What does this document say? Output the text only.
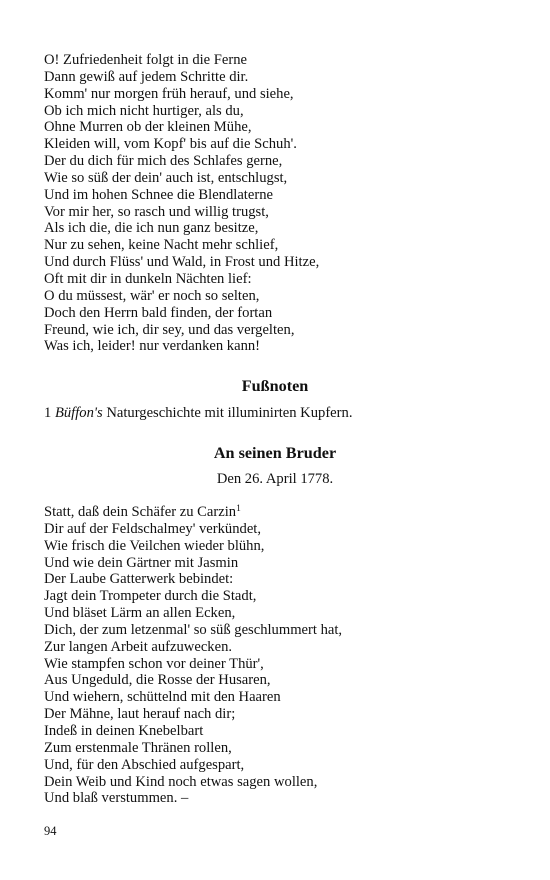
O! Zufriedenheit folgt in die Ferne
Dann gewiß auf jedem Schritte dir.
Komm' nur morgen früh herauf, und siehe,
Ob ich mich nicht hurtiger, als du,
Ohne Murren ob der kleinen Mühe,
Kleiden will, vom Kopf' bis auf die Schuh'.
Der du dich für mich des Schlafes gerne,
Wie so süß der dein' auch ist, entschlugst,
Und im hohen Schnee die Blendlaterne
Vor mir her, so rasch und willig trugst,
Als ich die, die ich nun ganz besitze,
Nur zu sehen, keine Nacht mehr schlief,
Und durch Flüss' und Wald, in Frost und Hitze,
Oft mit dir in dunkeln Nächten lief:
O du müssest, wär' er noch so selten,
Doch den Herrn bald finden, der fortan
Freund, wie ich, dir sey, und das vergelten,
Was ich, leider! nur verdanken kann!
Fußnoten
1 Büffon's Naturgeschichte mit illuminirten Kupfern.
An seinen Bruder
Den 26. April 1778.
Statt, daß dein Schäfer zu Carzin$^1$
Dir auf der Feldschalmey' verkündet,
Wie frisch die Veilchen wieder blühn,
Und wie dein Gärtner mit Jasmin
Der Laube Gatterwerk bebindet:
Jagt dein Trompeter durch die Stadt,
Und bläset Lärm an allen Ecken,
Dich, der zum letzenmal' so süß geschlummert hat,
Zur langen Arbeit aufzuwecken.
Wie stampfen schon vor deiner Thür',
Aus Ungeduld, die Rosse der Husaren,
Und wiehern, schüttelnd mit den Haaren
Der Mähne, laut herauf nach dir;
Indeß in deinen Knebelbart
Zum erstenmale Thränen rollen,
Und, für den Abschied aufgespart,
Dein Weib und Kind noch etwas sagen wollen,
Und blaß verstummen. –
94
